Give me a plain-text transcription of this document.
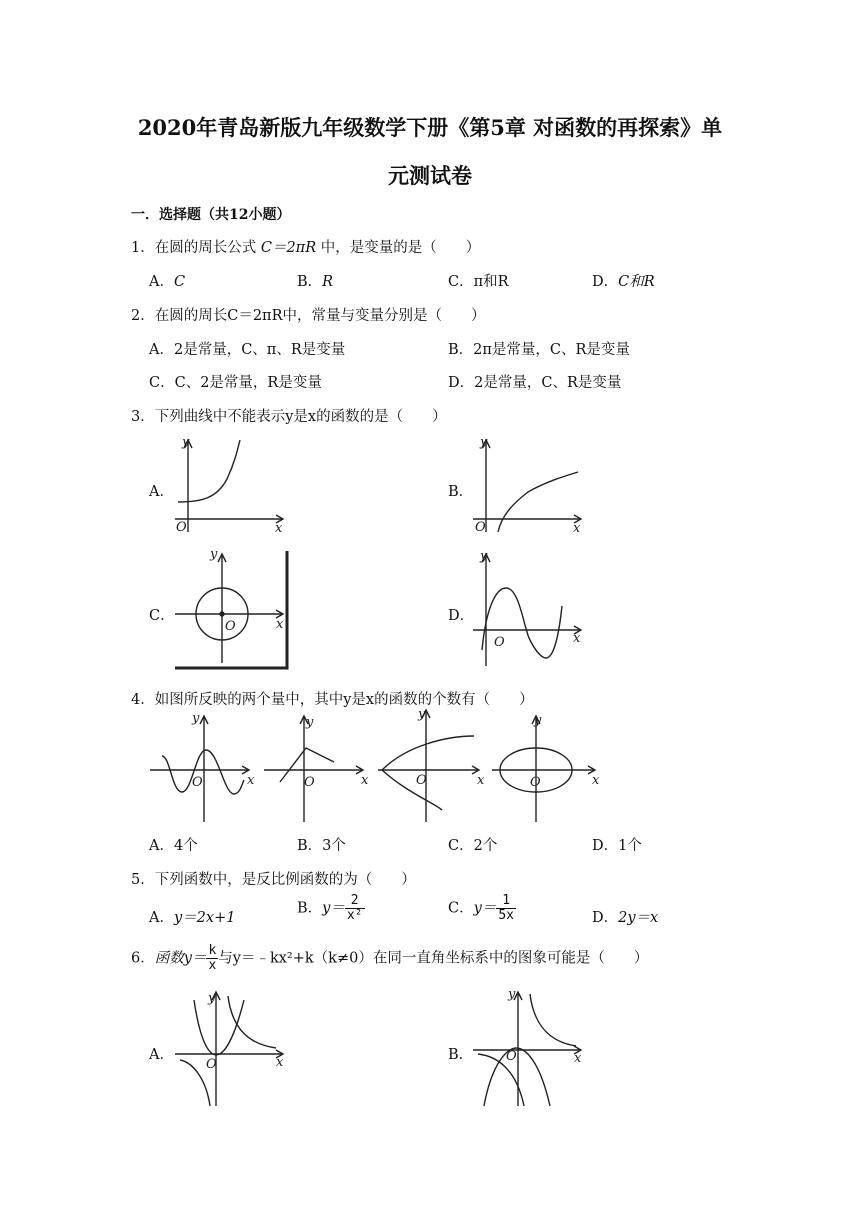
2020年青岛新版九年级数学下册《第5章 对函数的再探索》单
元测试卷
一．选择题（共12小题）
1．在圆的周长公式 C＝2πR 中，是变量的是（　　）
A．C	B．R	C．π和R	D．C和R
2．在圆的周长C＝2πR中，常量与变量分别是（　　）
A．2是常量，C、π、R是变量	B．2π是常量，C、R是变量
C．C、2是常量，R是变量	D．2是常量，C、R是变量
3．下列曲线中不能表示y是x的函数的是（　　）
A．	B．
C．	D．
y
x
O
y
x
O
y
x
O
y
x
O
4．如图所反映的两个量中，其中y是x的函数的个数有（　　）
y
x
O
y
x
O
y
x
O
y
x
O
A．4个	B．3个	C．2个	D．1个
5．下列函数中，是反比例函数的为（　　）
A．y＝2x+1
B．$y= \frac{2}{\text{x²}}$	C．$y= \frac{1}{5x}$	D．2y＝x
6．函数$y= \frac{k}{x}$ 与y＝﹣kx²+k（k≠0）在同一直角坐标系中的图象可能是（　　）
A．	B．
y
x
O
y
x
O
